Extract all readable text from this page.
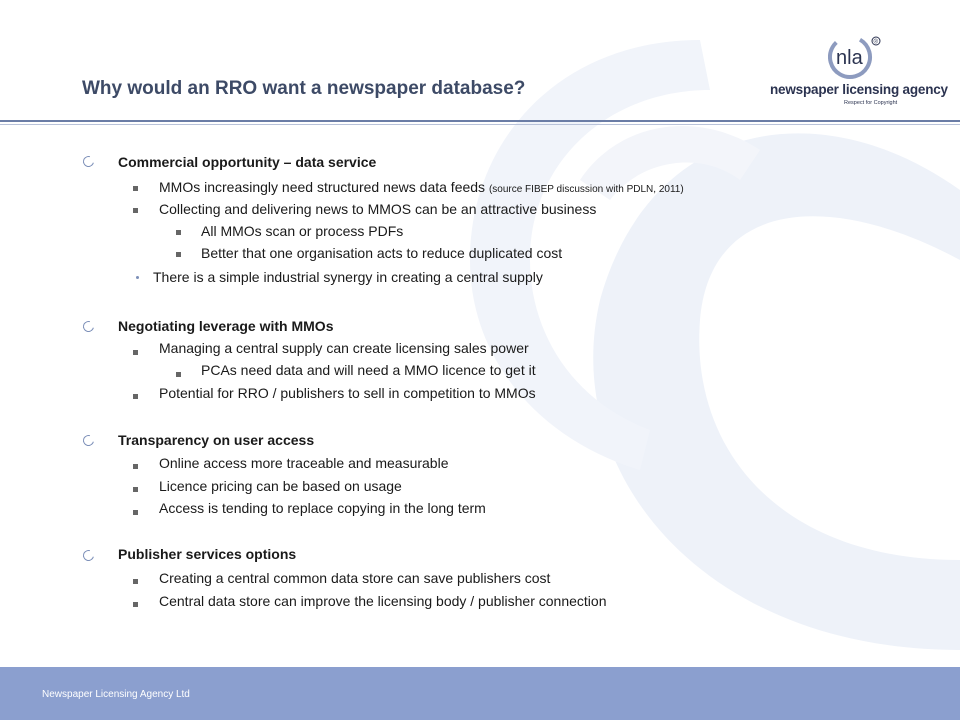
Why would an RRO want a newspaper database?
nla
®
newspaper licensing agency
Respect for Copyright
Commercial opportunity – data service
MMOs increasingly need structured news data feeds (source FIBEP discussion with PDLN, 2011)
Collecting and delivering news to MMOS can be an attractive business
All MMOs scan or process PDFs
Better that one organisation acts to reduce duplicated cost
There is a simple industrial synergy in creating a central supply
Negotiating leverage with MMOs
Managing a central supply can create licensing sales power
PCAs need data and will need a MMO licence to get it
Potential for RRO / publishers to sell in competition to MMOs
Transparency on user access
Online access more traceable and measurable
Licence pricing can be based on usage
Access is tending to replace copying in the long term
Publisher services options
Creating a central common data store can save publishers cost
Central data store can improve the licensing body / publisher connection
Newspaper Licensing Agency Ltd
